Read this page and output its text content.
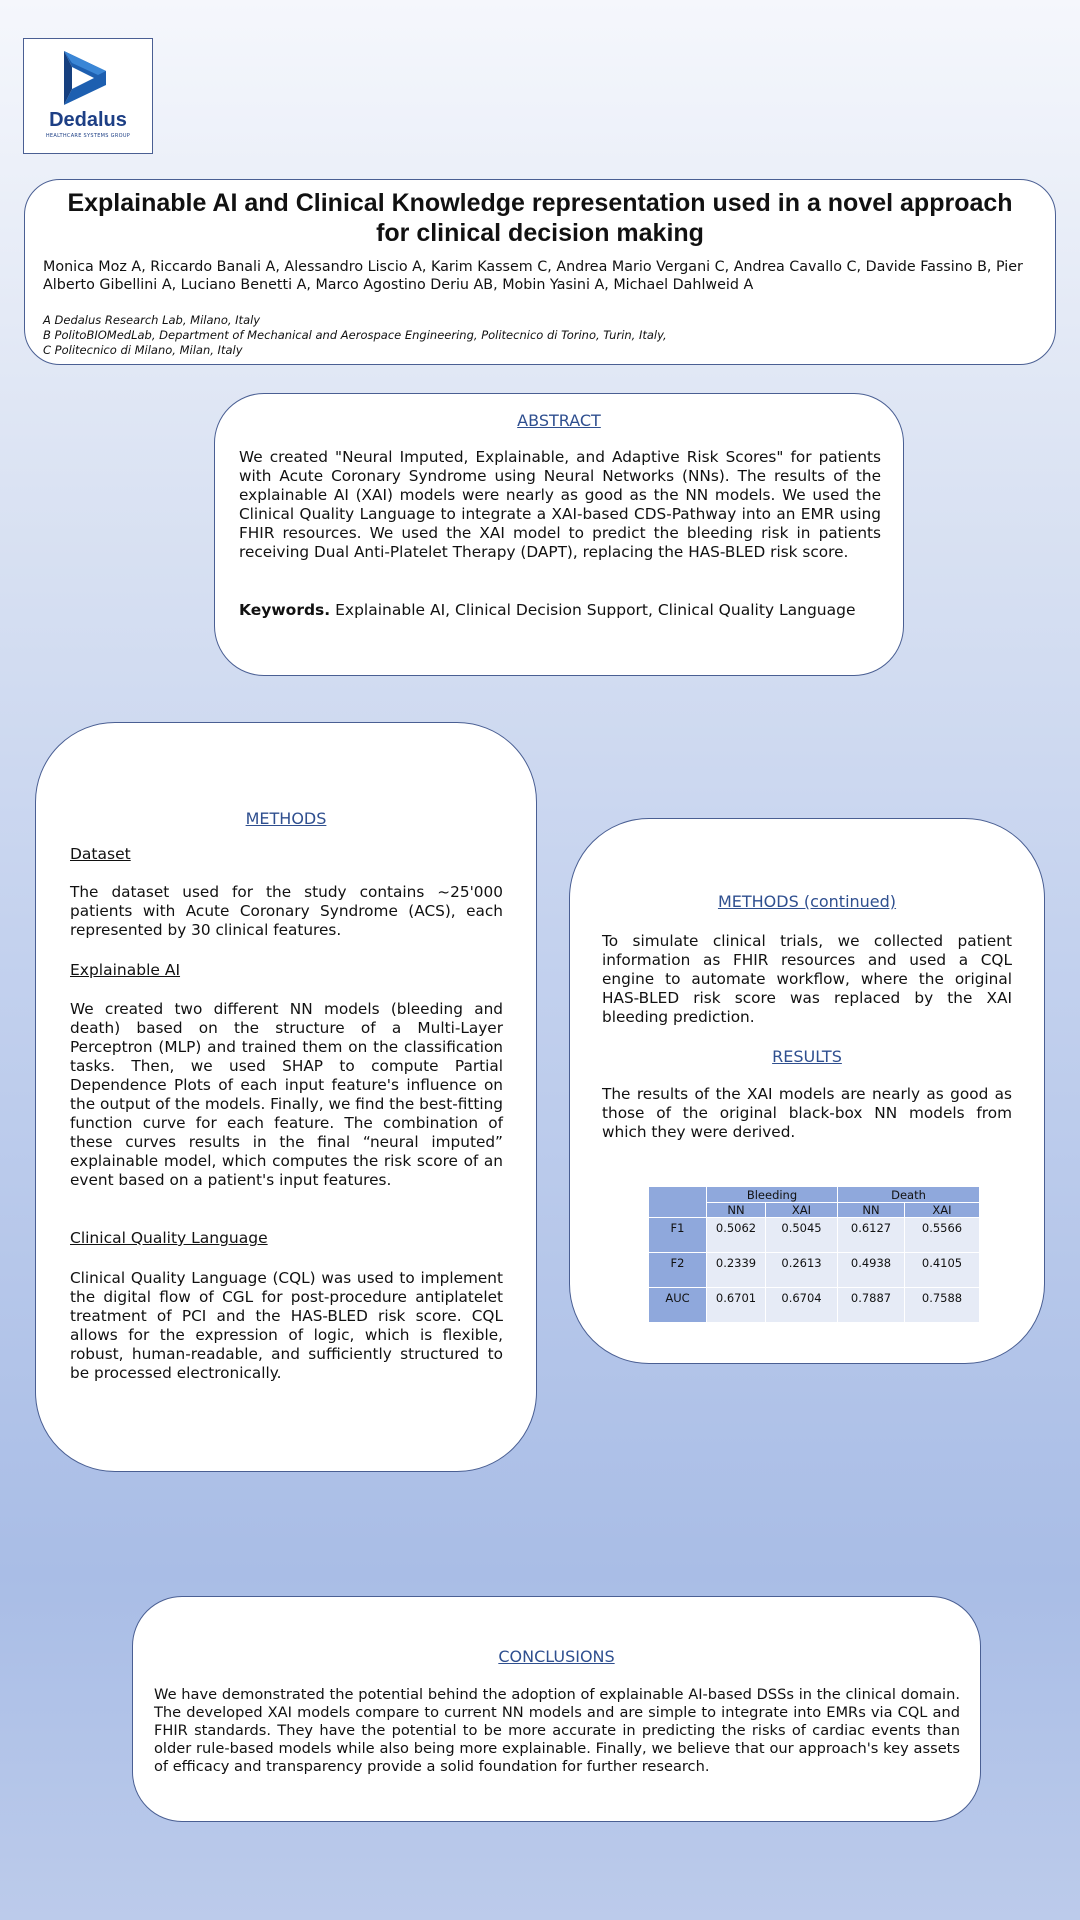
Dedalus
HEALTHCARE SYSTEMS GROUP
Explainable AI and Clinical Knowledge representation used in a novel approach for clinical decision making
Monica Moz A, Riccardo Banali A, Alessandro Liscio A, Karim Kassem C, Andrea Mario Vergani C, Andrea Cavallo C, Davide Fassino B, Pier Alberto Gibellini A, Luciano Benetti A, Marco Agostino Deriu AB, Mobin Yasini A, Michael Dahlweid A
A Dedalus Research Lab, Milano, Italy
B PolitoBIOMedLab, Department of Mechanical and Aerospace Engineering, Politecnico di Torino, Turin, Italy,
C Politecnico di Milano, Milan, Italy

ABSTRACT

We created "Neural Imputed, Explainable, and Adaptive Risk Scores" for patients with Acute Coronary Syndrome using Neural Networks (NNs). The results of the explainable AI (XAI) models were nearly as good as the NN models. We used the Clinical Quality Language to integrate a XAI-based CDS-Pathway into an EMR using FHIR resources. We used the XAI model to predict the bleeding risk in patients receiving Dual Anti-Platelet Therapy (DAPT), replacing the HAS-BLED risk score.

Keywords. Explainable AI, Clinical Decision Support, Clinical Quality Language

METHODS

Dataset

The dataset used for the study contains ~25'000 patients with Acute Coronary Syndrome (ACS), each represented by 30 clinical features.

Explainable AI

We created two different NN models (bleeding and death) based on the structure of a Multi-Layer Perceptron (MLP) and trained them on the classification tasks. Then, we used SHAP to compute Partial Dependence Plots of each input feature's influence on the output of the models. Finally, we find the best-fitting function curve for each feature. The combination of these curves results in the final “neural imputed” explainable model, which computes the risk score of an event based on a patient's input features.

Clinical Quality Language

Clinical Quality Language (CQL) was used to implement the digital flow of CGL for post-procedure antiplatelet treatment of PCI and the HAS-BLED risk score. CQL allows for the expression of logic, which is flexible, robust, human-readable, and sufficiently structured to be processed electronically.

METHODS (continued)

To simulate clinical trials, we collected patient information as FHIR resources and used a CQL engine to automate workflow, where the original HAS-BLED risk score was replaced by the XAI bleeding prediction.

RESULTS

The results of the XAI models are nearly as good as those of the original black-box NN models from which they were derived.

	Bleeding		Death	
	NN	XAI	NN	XAI
F1	0.5062	0.5045	0.6127	0.5566
F2	0.2339	0.2613	0.4938	0.4105
AUC	0.6701	0.6704	0.7887	0.7588

CONCLUSIONS

We have demonstrated the potential behind the adoption of explainable AI-based DSSs in the clinical domain. The developed XAI models compare to current NN models and are simple to integrate into EMRs via CQL and FHIR standards. They have the potential to be more accurate in predicting the risks of cardiac events than older rule-based models while also being more explainable. Finally, we believe that our approach's key assets of efficacy and transparency provide a solid foundation for further research.
